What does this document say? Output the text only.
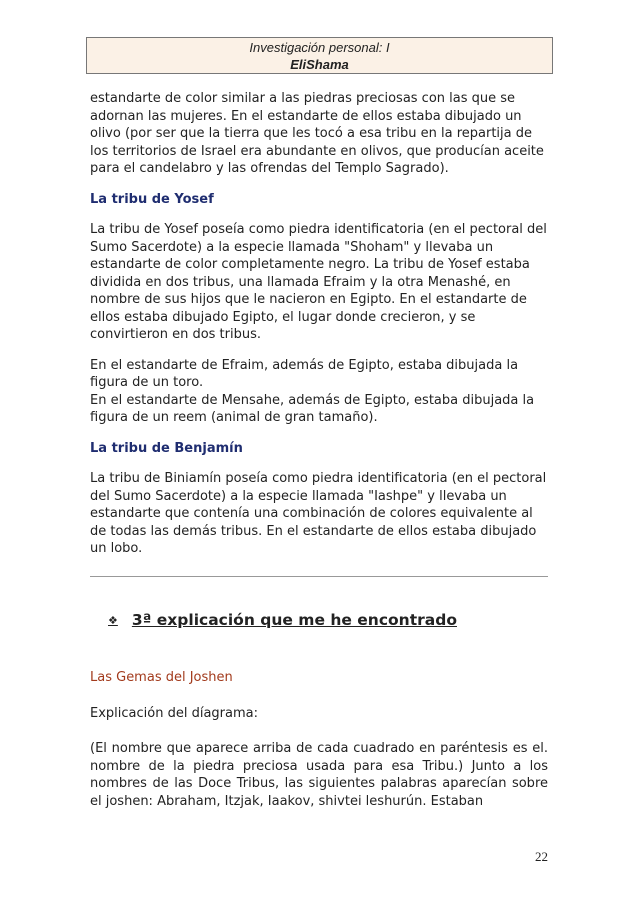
Investigación personal: I
EliShama

estandarte de color similar a las piedras preciosas con las que se adornan las mujeres. En el estandarte de ellos estaba dibujado un olivo (por ser que la tierra que les tocó a esa tribu en la repartija de los territorios de Israel era abundante en olivos, que producían aceite para el candelabro y las ofrendas del Templo Sagrado).

La tribu de Yosef

La tribu de Yosef poseía como piedra identificatoria (en el pectoral del Sumo Sacerdote) a la especie llamada "Shoham" y llevaba un estandarte de color completamente negro. La tribu de Yosef estaba dividida en dos tribus, una llamada Efraim y la otra Menashé, en nombre de sus hijos que le nacieron en Egipto. En el estandarte de ellos estaba dibujado Egipto, el lugar donde crecieron, y se convirtieron en dos tribus.

En el estandarte de Efraim, además de Egipto, estaba dibujada la figura de un toro.
En el estandarte de Mensahe, además de Egipto, estaba dibujada la figura de un reem (animal de gran tamaño).

La tribu de Benjamín

La tribu de Biniamín poseía como piedra identificatoria (en el pectoral del Sumo Sacerdote) a la especie llamada "Iashpe" y llevaba un estandarte que contenía una combinación de colores equivalente al de todas las demás tribus. En el estandarte de ellos estaba dibujado un lobo.

❖ 3ª explicación que me he encontrado
Las Gemas del Joshen
Explicación del díagrama:
(El nombre que aparece arriba de cada cuadrado en paréntesis es el. nombre de la piedra preciosa usada para esa Tribu.) Junto a los nombres de las Doce Tribus, las siguientes palabras aparecían sobre el joshen: Abraham, Itzjak, Iaakov, shivtei leshurún. Estaban
22
